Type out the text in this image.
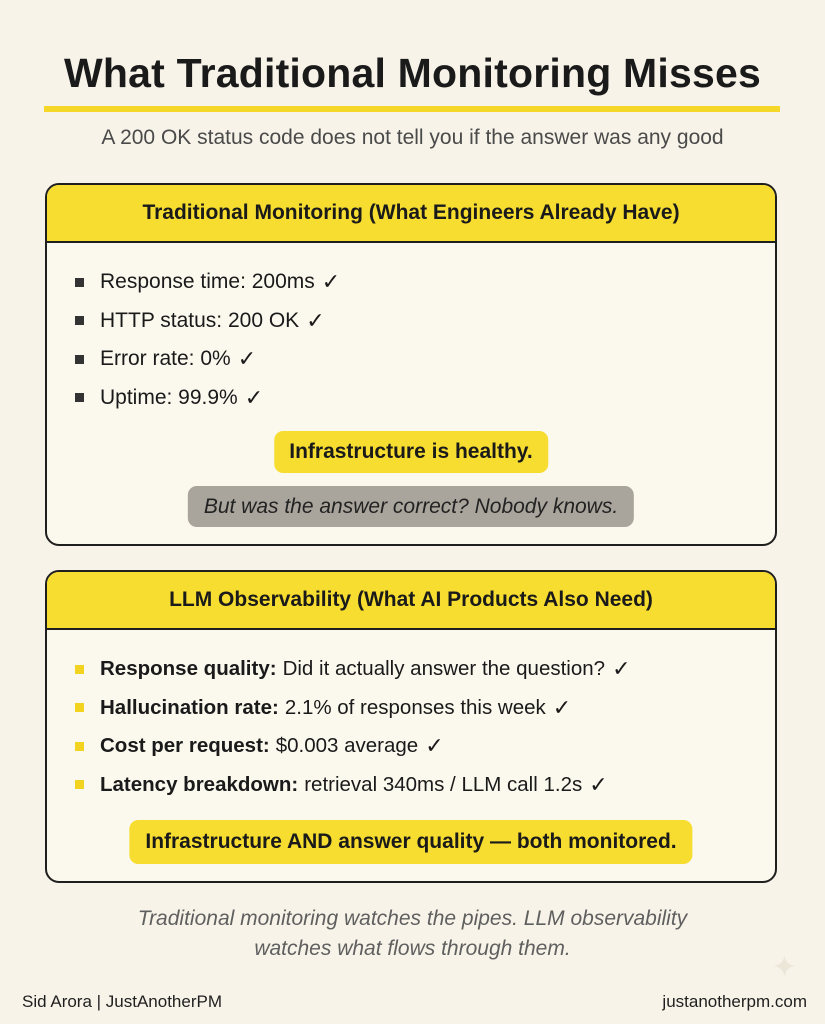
What Traditional Monitoring Misses
A 200 OK status code does not tell you if the answer was any good
Traditional Monitoring (What Engineers Already Have)
Response time: 200ms ✓
HTTP status: 200 OK ✓
Error rate: 0% ✓
Uptime: 99.9% ✓
Infrastructure is healthy.
But was the answer correct? Nobody knows.
LLM Observability (What AI Products Also Need)
Response quality: Did it actually answer the question? ✓
Hallucination rate: 2.1% of responses this week ✓
Cost per request: $0.003 average ✓
Latency breakdown: retrieval 340ms / LLM call 1.2s ✓
Infrastructure AND answer quality — both monitored.
Traditional monitoring watches the pipes. LLM observability
watches what flows through them.
✦
Sid Arora | JustAnotherPM	justanotherpm.com
